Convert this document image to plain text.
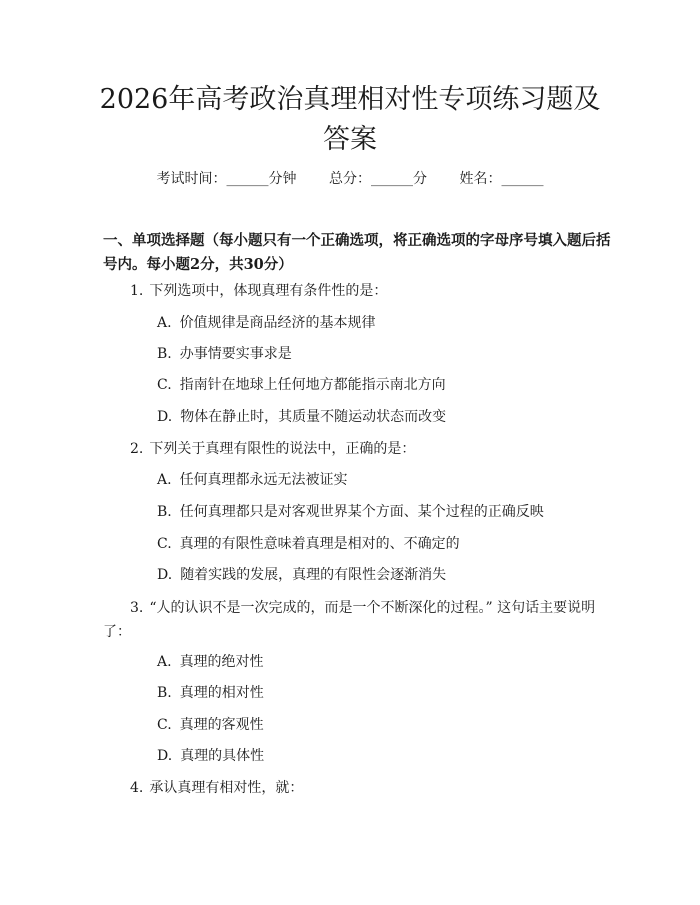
2026年高考政治真理相对性专项练习题及答案
考试时间：______分钟 总分：______分 姓名：______

一、单项选择题（每小题只有一个正确选项，将正确选项的字母序号填入题后括号内。每小题2分，共30分）

1. 下列选项中，体现真理有条件性的是：

A. 价值规律是商品经济的基本规律
B. 办事情要实事求是
C. 指南针在地球上任何地方都能指示南北方向
D. 物体在静止时，其质量不随运动状态而改变

2. 下列关于真理有限性的说法中，正确的是：

A. 任何真理都永远无法被证实
B. 任何真理都只是对客观世界某个方面、某个过程的正确反映
C. 真理的有限性意味着真理是相对的、不确定的
D. 随着实践的发展，真理的有限性会逐渐消失

3. “人的认识不是一次完成的，而是一个不断深化的过程。” 这句话主要说明了：

A. 真理的绝对性
B. 真理的相对性
C. 真理的客观性
D. 真理的具体性

4. 承认真理有相对性，就：
